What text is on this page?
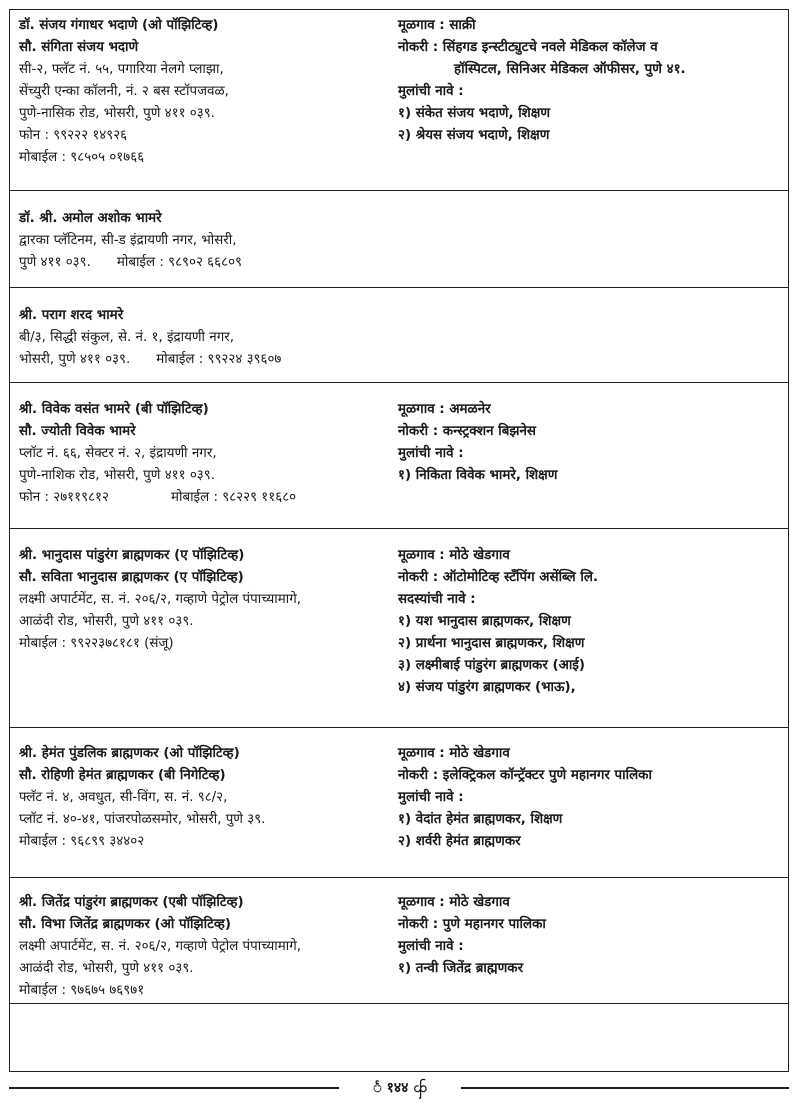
डॉ. संजय गंगाधर भदाणे (ओ पॉझिटिव्ह)
सौ. संगिता संजय भदाणे
सी-२, फ्लॅट नं. ५५, पगारिया नेलगे प्लाझा,
सेंच्युरी एन्का कॉलनी, नं. २ बस स्टॉपजवळ,
पुणे-नासिक रोड, भोसरी, पुणे ४११ ०३९.
फोन : ९९२२२ १४९२६
मोबाईल : ९८५०५ ०१७६६
मूळगाव : साक्री
नोकरी : सिंहगड इन्स्टीट्युटचे नवले मेडिकल कॉलेज व
हॉस्पिटल, सिनिअर मेडिकल ऑफीसर, पुणे ४१.
मुलांची नावे :
१) संकेत संजय भदाणे, शिक्षण
२) श्रेयस संजय भदाणे, शिक्षण
डॉ. श्री. अमोल अशोक भामरे
द्वारका प्लॅटिनम, सी-ड इंद्रायणी नगर, भोसरी,
पुणे ४११ ०३९. मोबाईल : ९८९०२ ६६८०९
श्री. पराग शरद भामरे
बी/३, सिद्धी संकुल, से. नं. १, इंद्रायणी नगर,
भोसरी, पुणे ४११ ०३९. मोबाईल : ९९२२४ ३९६०७
श्री. विवेक वसंत भामरे (बी पॉझिटिव्ह)
सौ. ज्योती विवेक भामरे
प्लॉट नं. ६६, सेक्टर नं. २, इंद्रायणी नगर,
पुणे-नाशिक रोड, भोसरी, पुणे ४११ ०३९.
फोन : २७११९८१२	मोबाईल : ९८२२९ ११६८०
मूळगाव : अमळनेर
नोकरी : कन्स्ट्रक्शन बिझनेस
मुलांची नावे :
१) निकिता विवेक भामरे, शिक्षण
श्री. भानुदास पांडुरंग ब्राह्मणकर (ए पॉझिटिव्ह)
सौ. सविता भानुदास ब्राह्मणकर (ए पॉझिटिव्ह)
लक्ष्मी अपार्टमेंट, स. नं. २०६/२, गव्हाणे पेट्रोल पंपाच्यामागे,
आळंदी रोड, भोसरी, पुणे ४११ ०३९.
मोबाईल : ९९२२३७८१८१ (संजू)
मूळगाव : मोठे खेडगाव
नोकरी : ऑटोमोटिव्ह स्टँपिंग असेंब्लि लि.
सदस्यांची नावे :
१) यश भानुदास ब्राह्मणकर, शिक्षण
२) प्रार्थना भानुदास ब्राह्मणकर, शिक्षण
३) लक्ष्मीबाई पांडुरंग ब्राह्मणकर (आई)
४) संजय पांडुरंग ब्राह्मणकर (भाऊ),
श्री. हेमंत पुंडलिक ब्राह्मणकर (ओ पॉझिटिव्ह)
सौ. रोहिणी हेमंत ब्राह्मणकर (बी निगेटिव्ह)
फ्लॅट नं. ४, अवधुत, सी-विंग, स. नं. ९८/२,
प्लॉट नं. ४०-४१, पांजरपोळसमोर, भोसरी, पुणे ३९.
मोबाईल : ९६८९९ ३४४०२
मूळगाव : मोठे खेडगाव
नोकरी : इलेक्ट्रिकल कॉन्ट्रॅक्टर पुणे महानगर पालिका
मुलांची नावे :
१) वेदांत हेमंत ब्राह्मणकर, शिक्षण
२) शर्वरी हेमंत ब्राह्मणकर
श्री. जितेंद्र पांडुरंग ब्राह्मणकर (एबी पॉझिटिव्ह)
सौ. विभा जितेंद्र ब्राह्मणकर (ओ पॉझिटिव्ह)
लक्ष्मी अपार्टमेंट, स. नं. २०६/२, गव्हाणे पेट्रोल पंपाच्यामागे,
आळंदी रोड, भोसरी, पुणे ४११ ०३९.
मोबाईल : ९७६७५ ७६९७१
मूळगाव : मोठे खेडगाव
नोकरी : पुणे महानगर पालिका
मुलांची नावे :
१) तन्वी जितेंद्र ब्राह्मणकर
ꧥ १४४ ꧨ
